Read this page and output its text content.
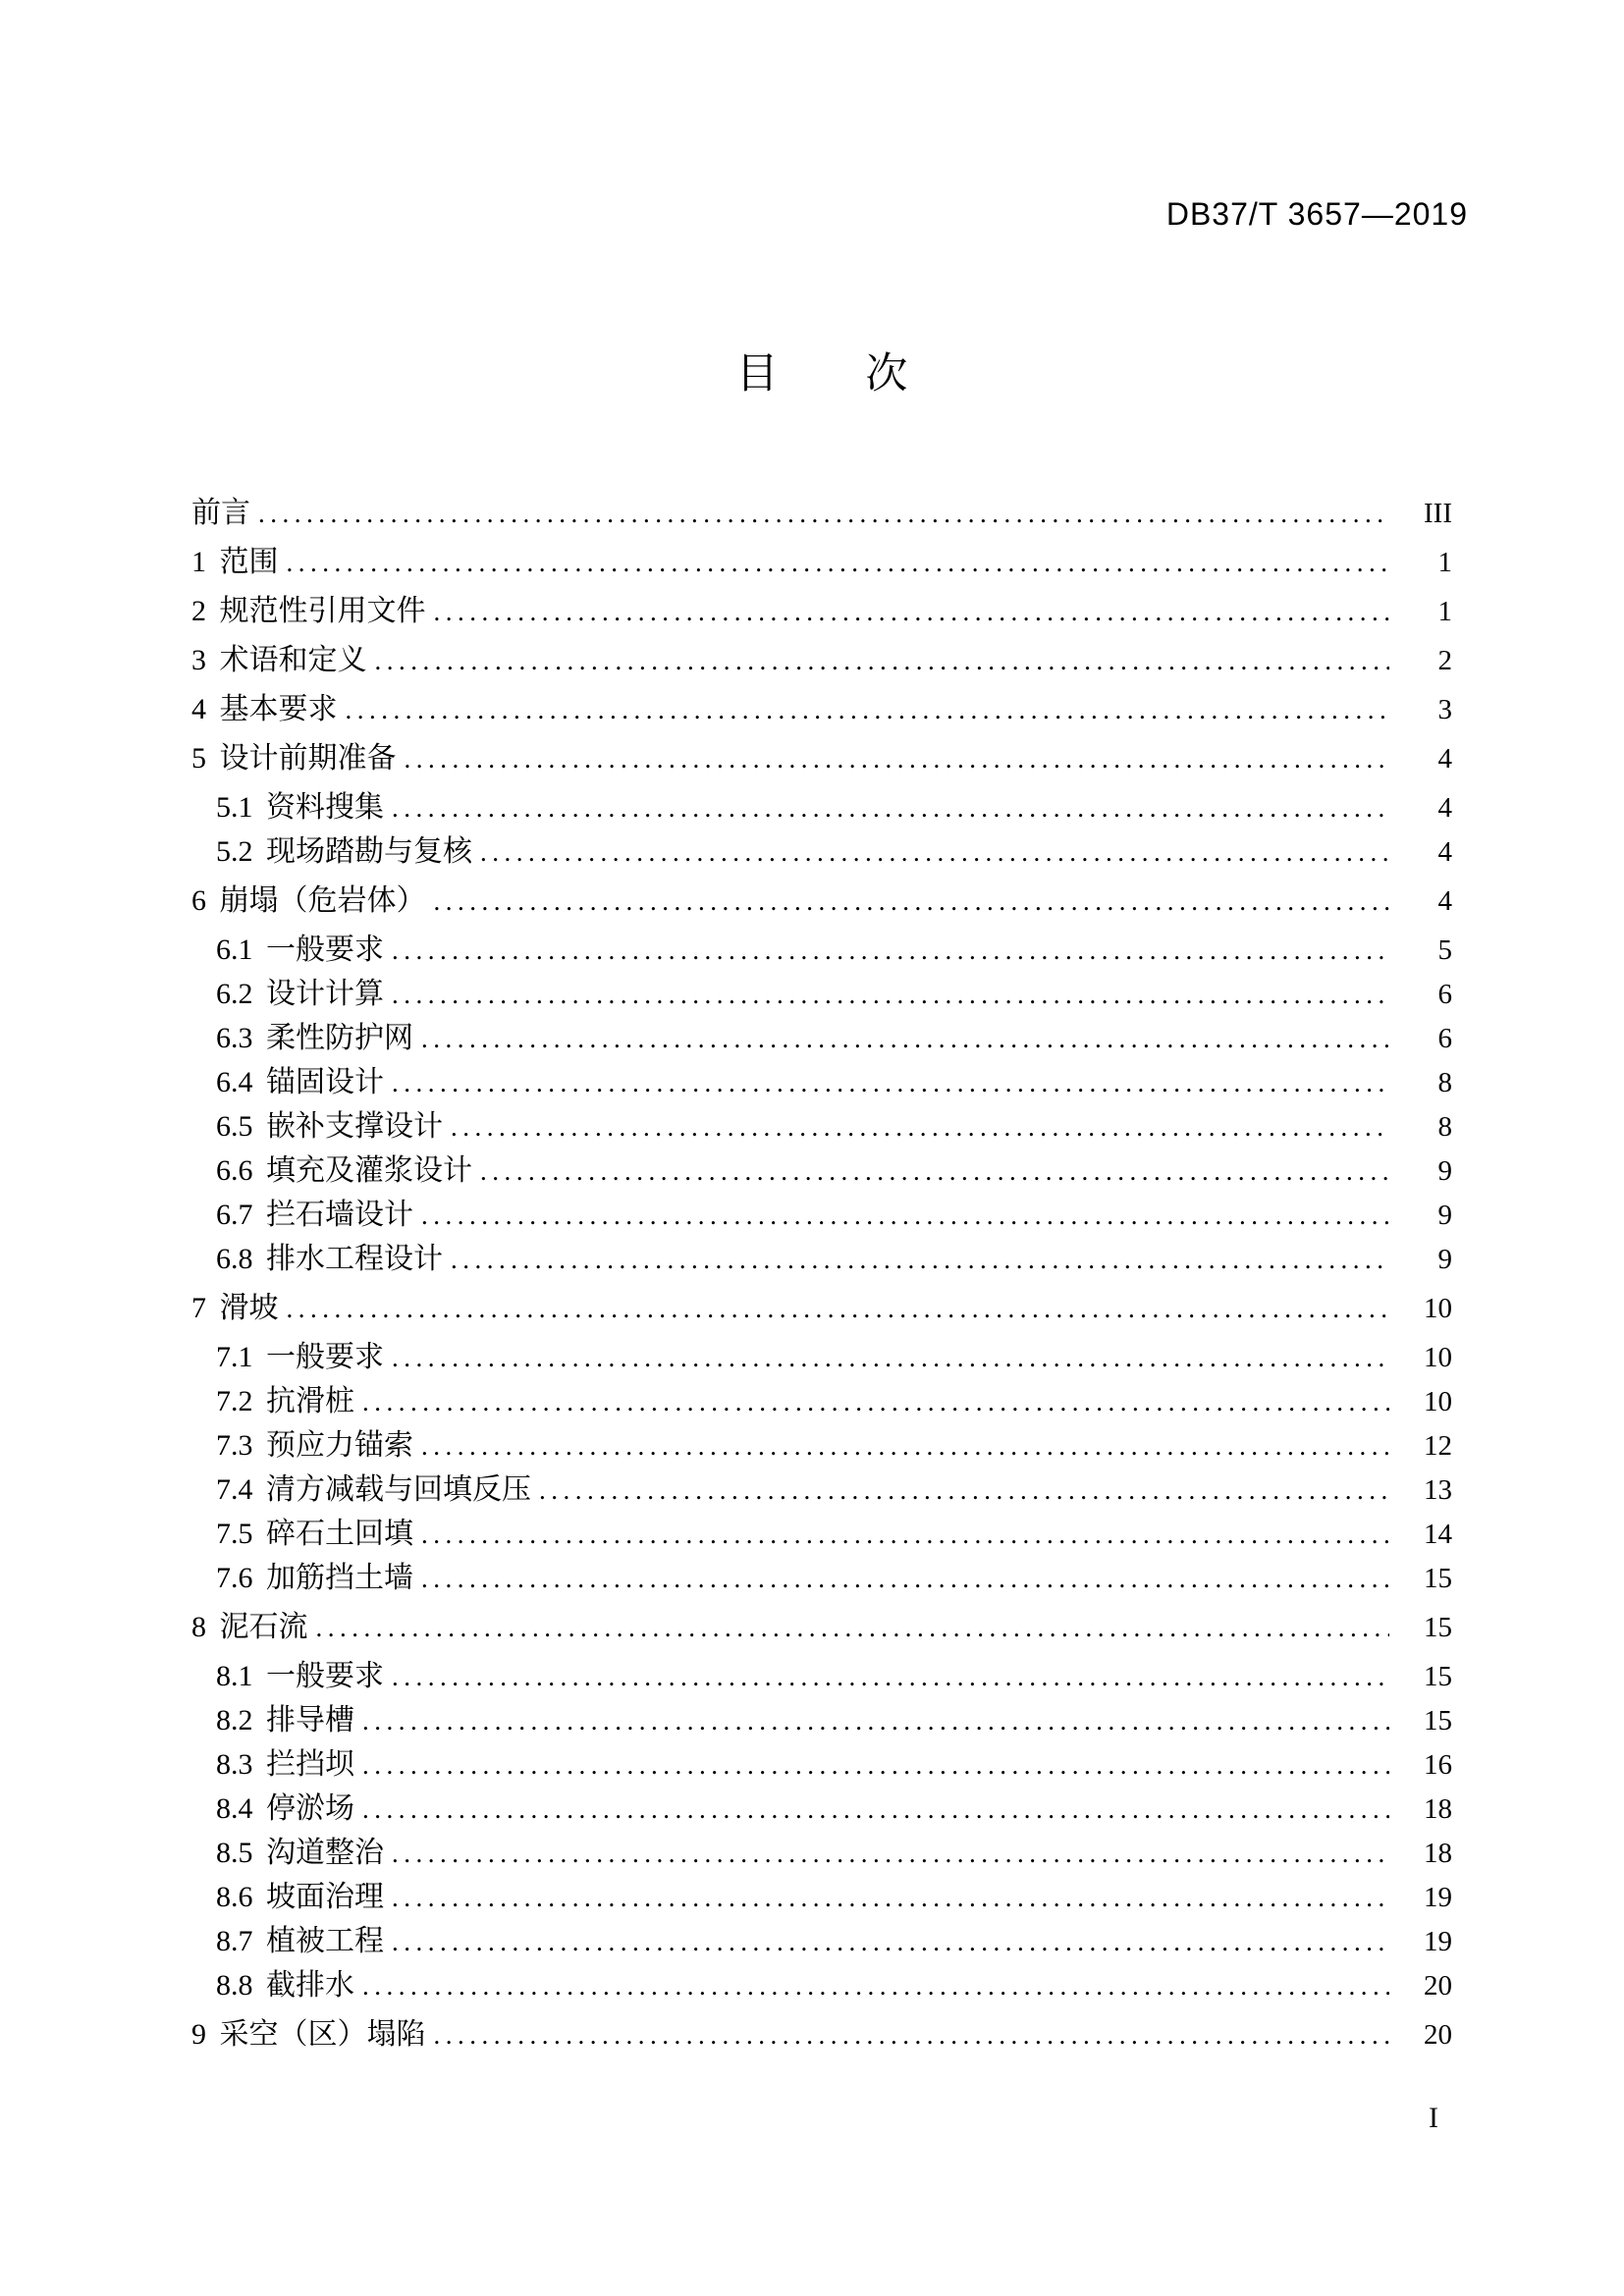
DB37/T 3657—2019
目 次
前言 .....	III
1 范围 .....	1
2 规范性引用文件 .....	1
3 术语和定义 .....	2
4 基本要求 .....	3
5 设计前期准备 .....	4
5.1 资料搜集 .....	4
5.2 现场踏勘与复核 .....	4
6 崩塌（危岩体） .....	4
6.1 一般要求 .....	5
6.2 设计计算 .....	6
6.3 柔性防护网 .....	6
6.4 锚固设计 .....	8
6.5 嵌补支撑设计 .....	8
6.6 填充及灌浆设计 .....	9
6.7 拦石墙设计 .....	9
6.8 排水工程设计 .....	9
7 滑坡 .....	10
7.1 一般要求 .....	10
7.2 抗滑桩 .....	10
7.3 预应力锚索 .....	12
7.4 清方减载与回填反压 .....	13
7.5 碎石土回填 .....	14
7.6 加筋挡土墙 .....	15
8 泥石流 .....	15
8.1 一般要求 .....	15
8.2 排导槽 .....	15
8.3 拦挡坝 .....	16
8.4 停淤场 .....	18
8.5 沟道整治 .....	18
8.6 坡面治理 .....	19
8.7 植被工程 .....	19
8.8 截排水 .....	20
9 采空（区）塌陷 .....	20
I
